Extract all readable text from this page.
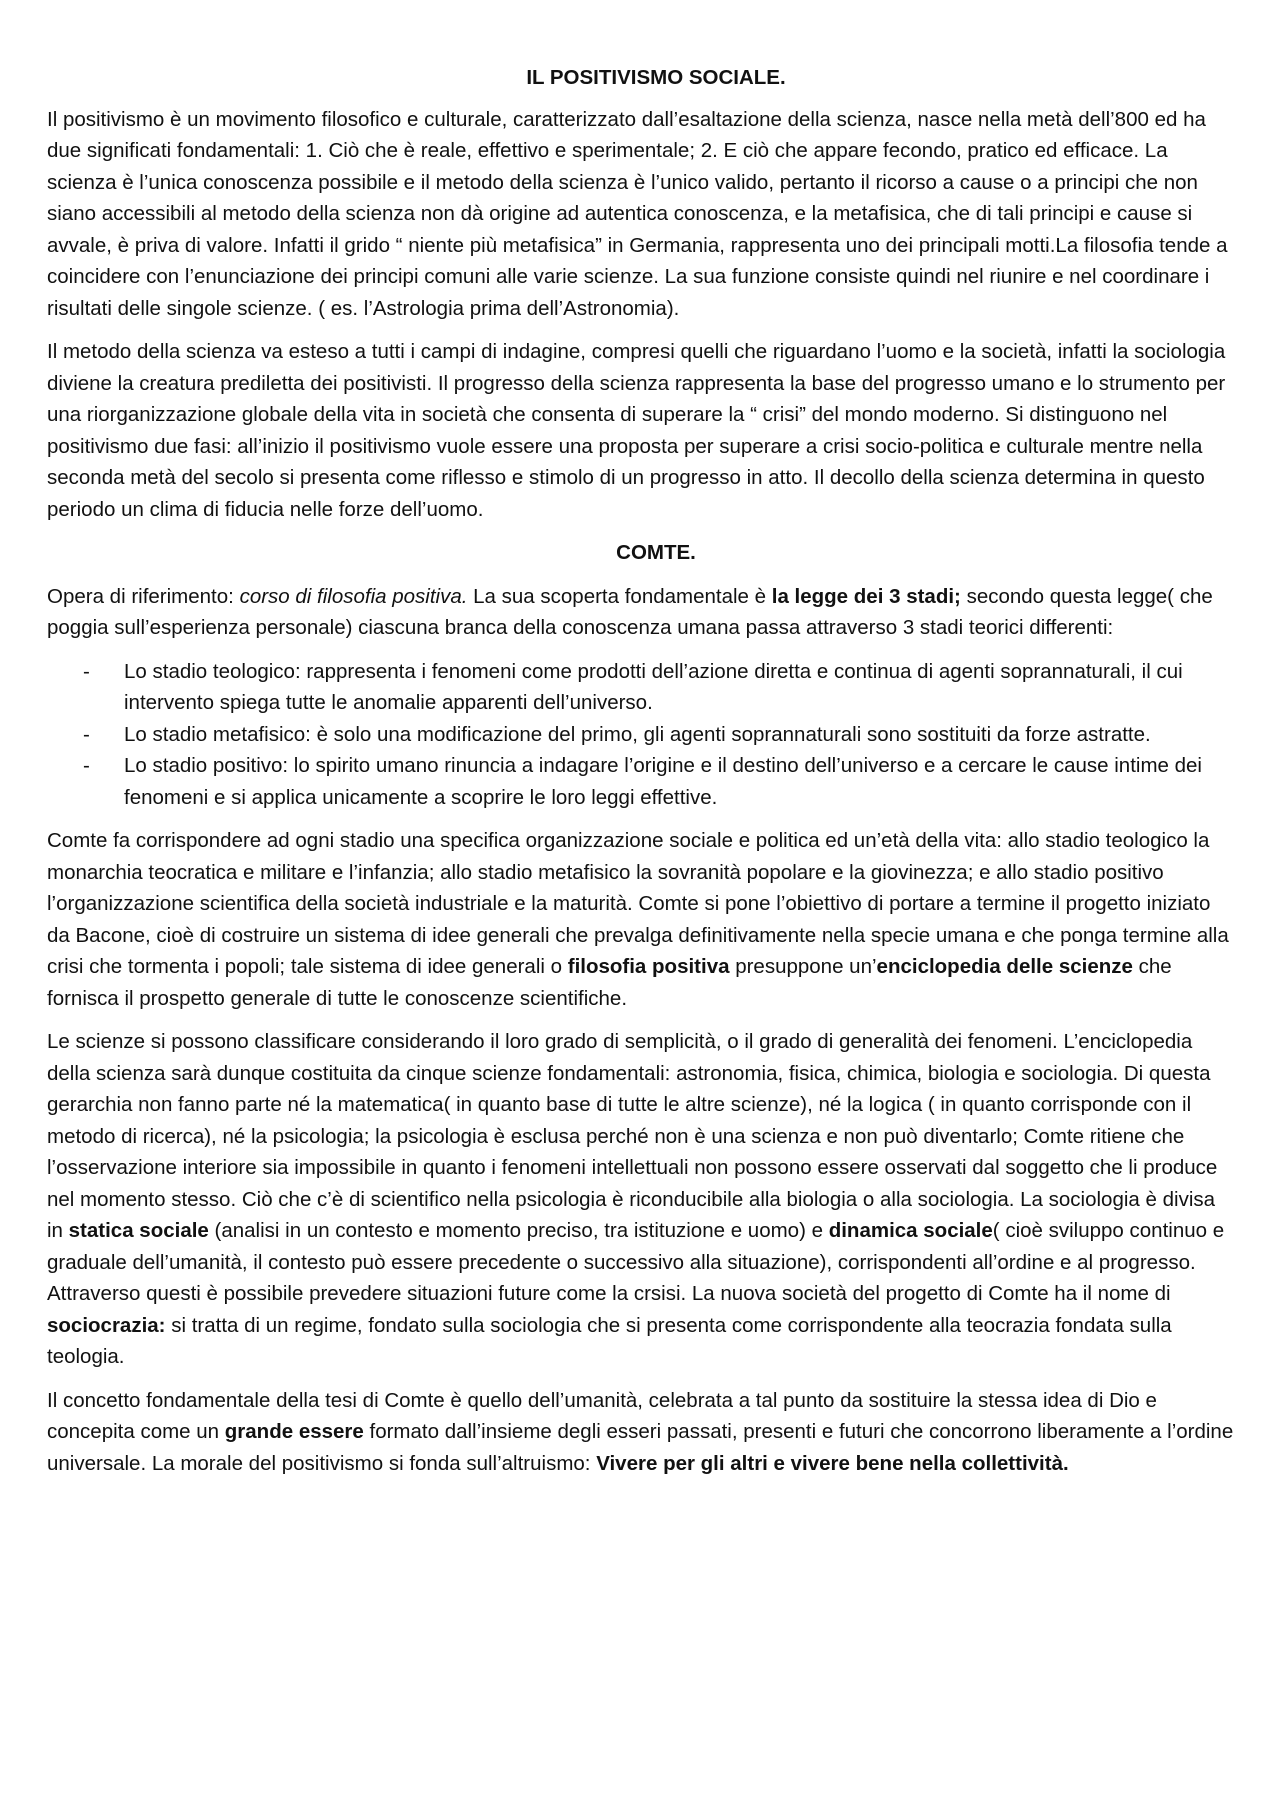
IL POSITIVISMO SOCIALE.

Il positivismo è un movimento filosofico e culturale, caratterizzato dall’esaltazione della scienza, nasce nella metà dell’800 ed ha due significati fondamentali: 1. Ciò che è reale, effettivo e sperimentale; 2. E ciò che appare fecondo, pratico ed efficace. La scienza è l’unica conoscenza possibile e il metodo della scienza è l’unico valido, pertanto il ricorso a cause o a principi che non siano accessibili al metodo della scienza non dà origine ad autentica conoscenza, e la metafisica, che di tali principi e cause si avvale, è priva di valore. Infatti il grido “ niente più metafisica” in Germania, rappresenta uno dei principali motti.La filosofia tende a coincidere con l’enunciazione dei principi comuni alle varie scienze. La sua funzione consiste quindi nel riunire e nel coordinare i risultati delle singole scienze. ( es. l’Astrologia prima dell’Astronomia).

Il metodo della scienza va esteso a tutti i campi di indagine, compresi quelli che riguardano l’uomo e la società, infatti la sociologia diviene la creatura prediletta dei positivisti. Il progresso della scienza rappresenta la base del progresso umano e lo strumento per una riorganizzazione globale della vita in società che consenta di superare la “ crisi” del mondo moderno. Si distinguono nel positivismo due fasi: all’inizio il positivismo vuole essere una proposta per superare a crisi socio-politica e culturale mentre nella seconda metà del secolo si presenta come riflesso e stimolo di un progresso in atto. Il decollo della scienza determina in questo periodo un clima di fiducia nelle forze dell’uomo.

COMTE.

Opera di riferimento: corso di filosofia positiva. La sua scoperta fondamentale è la legge dei 3 stadi; secondo questa legge( che poggia sull’esperienza personale) ciascuna branca della conoscenza umana passa attraverso 3 stadi teorici differenti:

- Lo stadio teologico: rappresenta i fenomeni come prodotti dell’azione diretta e continua di agenti soprannaturali, il cui intervento spiega tutte le anomalie apparenti dell’universo.
- Lo stadio metafisico: è solo una modificazione del primo, gli agenti soprannaturali sono sostituiti da forze astratte.
- Lo stadio positivo: lo spirito umano rinuncia a indagare l’origine e il destino dell’universo e a cercare le cause intime dei fenomeni e si applica unicamente a scoprire le loro leggi effettive.

Comte fa corrispondere ad ogni stadio una specifica organizzazione sociale e politica ed un’età della vita: allo stadio teologico la monarchia teocratica e militare e l’infanzia; allo stadio metafisico la sovranità popolare e la giovinezza; e allo stadio positivo l’organizzazione scientifica della società industriale e la maturità. Comte si pone l’obiettivo di portare a termine il progetto iniziato da Bacone, cioè di costruire un sistema di idee generali che prevalga definitivamente nella specie umana e che ponga termine alla crisi che tormenta i popoli; tale sistema di idee generali o filosofia positiva presuppone un’enciclopedia delle scienze che fornisca il prospetto generale di tutte le conoscenze scientifiche.

Le scienze si possono classificare considerando il loro grado di semplicità, o il grado di generalità dei fenomeni. L’enciclopedia della scienza sarà dunque costituita da cinque scienze fondamentali: astronomia, fisica, chimica, biologia e sociologia. Di questa gerarchia non fanno parte né la matematica( in quanto base di tutte le altre scienze), né la logica ( in quanto corrisponde con il metodo di ricerca), né la psicologia; la psicologia è esclusa perché non è una scienza e non può diventarlo; Comte ritiene che l’osservazione interiore sia impossibile in quanto i fenomeni intellettuali non possono essere osservati dal soggetto che li produce nel momento stesso. Ciò che c’è di scientifico nella psicologia è riconducibile alla biologia o alla sociologia. La sociologia è divisa in statica sociale (analisi in un contesto e momento preciso, tra istituzione e uomo) e dinamica sociale( cioè sviluppo continuo e graduale dell’umanità, il contesto può essere precedente o successivo alla situazione), corrispondenti all’ordine e al progresso. Attraverso questi è possibile prevedere situazioni future come la crsisi. La nuova società del progetto di Comte ha il nome di sociocrazia: si tratta di un regime, fondato sulla sociologia che si presenta come corrispondente alla teocrazia fondata sulla teologia.

Il concetto fondamentale della tesi di Comte è quello dell’umanità, celebrata a tal punto da sostituire la stessa idea di Dio e concepita come un grande essere formato dall’insieme degli esseri passati, presenti e futuri che concorrono liberamente a l’ordine universale. La morale del positivismo si fonda sull’altruismo: Vivere per gli altri e vivere bene nella collettività.
